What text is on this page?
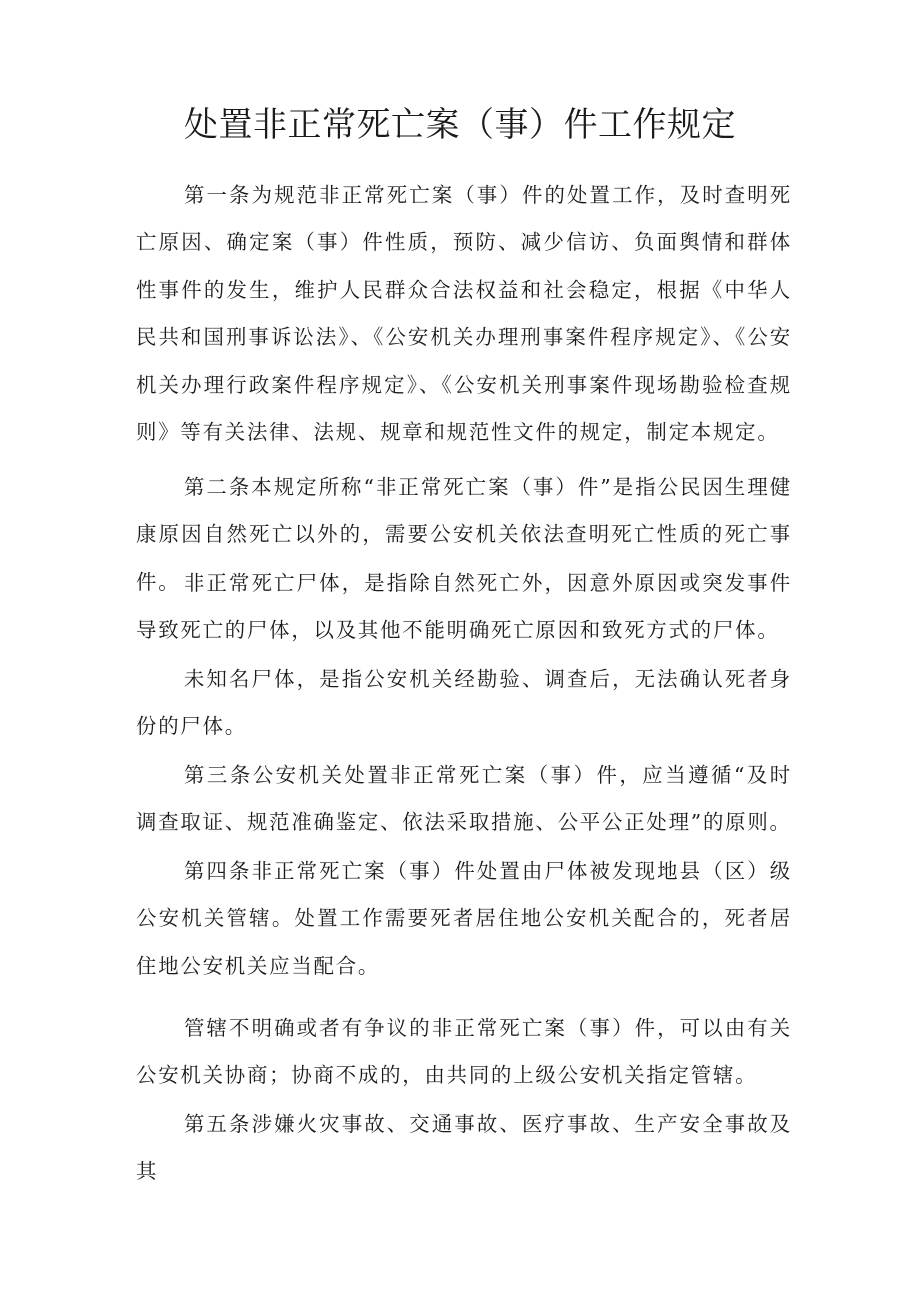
处置非正常死亡案（事）件工作规定

第一条为规范非正常死亡案（事）件的处置工作，及时查明死亡原因、确定案（事）件性质，预防、减少信访、负面舆情和群体性事件的发生，维护人民群众合法权益和社会稳定，根据《中华人民共和国刑事诉讼法》、《公安机关办理刑事案件程序规定》、《公安机关办理行政案件程序规定》、《公安机关刑事案件现场勘验检查规则》等有关法律、法规、规章和规范性文件的规定，制定本规定。

第二条本规定所称“非正常死亡案（事）件”是指公民因生理健康原因自然死亡以外的，需要公安机关依法查明死亡性质的死亡事件。 非正常死亡尸体，是指除自然死亡外，因意外原因或突发事件导致死亡的尸体，以及其他不能明确死亡原因和致死方式的尸体。

未知名尸体，是指公安机关经勘验、调查后，无法确认死者身份的尸体。

第三条公安机关处置非正常死亡案（事）件，应当遵循“及时调查取证、规范准确鉴定、依法采取措施、公平公正处理”的原则。

第四条非正常死亡案（事）件处置由尸体被发现地县（区）级公安机关管辖。处置工作需要死者居住地公安机关配合的，死者居住地公安机关应当配合。

管辖不明确或者有争议的非正常死亡案（事）件，可以由有关公安机关协商；协商不成的，由共同的上级公安机关指定管辖。

第五条涉嫌火灾事故、交通事故、医疗事故、生产安全事故及其
